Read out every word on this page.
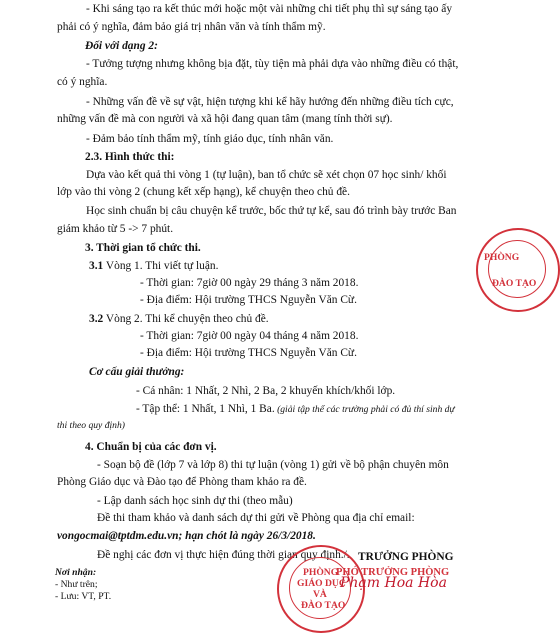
- Khi sáng tạo ra kết thúc mới hoặc một vài những chi tiết phụ thì sự sáng tạo ấy
phải có ý nghĩa, đảm bảo giá trị nhân văn và tính thẩm mỹ.
Đối với dạng 2:
- Tưởng tượng nhưng không bịa đặt, tùy tiện mà phải dựa vào những điều có thật,
có ý nghĩa.
- Những vấn đề về sự vật, hiện tượng khi kể hãy hướng đến những điều tích cực,
những vấn đề mà con người và xã hội đang quan tâm (mang tính thời sự).
- Đảm bảo tính thẩm mỹ, tính giáo dục, tính nhân văn.
2.3. Hình thức thi:
Dựa vào kết quả thi vòng 1 (tự luận), ban tổ chức sẽ xét chọn 07 học sinh/ khối
lớp vào thi vòng 2 (chung kết xếp hạng), kể chuyện theo chủ đề.
Học sinh chuẩn bị câu chuyện kể trước, bốc thứ tự kể, sau đó trình bày trước Ban
giám khảo từ 5 -> 7 phút.
3. Thời gian tổ chức thi.
3.1 Vòng 1. Thi viết tự luận.
- Thời gian: 7giờ 00 ngày 29 tháng 3 năm 2018.
- Địa điểm: Hội trường THCS Nguyễn Văn Cừ.
3.2 Vòng 2. Thi kể chuyện theo chủ đề.
- Thời gian: 7giờ 00 ngày 04 tháng 4 năm 2018.
- Địa điểm: Hội trường THCS Nguyễn Văn Cừ.
Cơ cấu giải thưởng:
- Cá nhân: 1 Nhất, 2 Nhì, 2 Ba, 2 khuyến khích/khối lớp.
- Tập thể: 1 Nhất, 1 Nhì, 1 Ba. (giải tập thể các trường phải có đủ thí sinh dự
thi theo quy định)
4. Chuẩn bị của các đơn vị.
- Soạn bộ đề (lớp 7 và lớp 8) thi tự luận (vòng 1) gửi về bộ phận chuyên môn
Phòng Giáo dục và Đào tạo để Phòng tham khảo ra đề.
- Lập danh sách học sinh dự thi (theo mẫu)
Đề thi tham khảo và danh sách dự thi gửi về Phòng qua địa chỉ email:
vongocmai@tptdm.edu.vn; hạn chót là ngày 26/3/2018.
Đề nghị các đơn vị thực hiện đúng thời gian quy định./.
Nơi nhận:
- Như trên;
- Lưu: VT, PT.
TRƯỞNG PHÒNG
PHÒNG
ĐÀO TẠO
PHÒNG
GIÁO DỤC
VÀ
ĐÀO TẠO
PHÓ TRƯỞNG PHÒNG
Phạm Hoa Hòa
